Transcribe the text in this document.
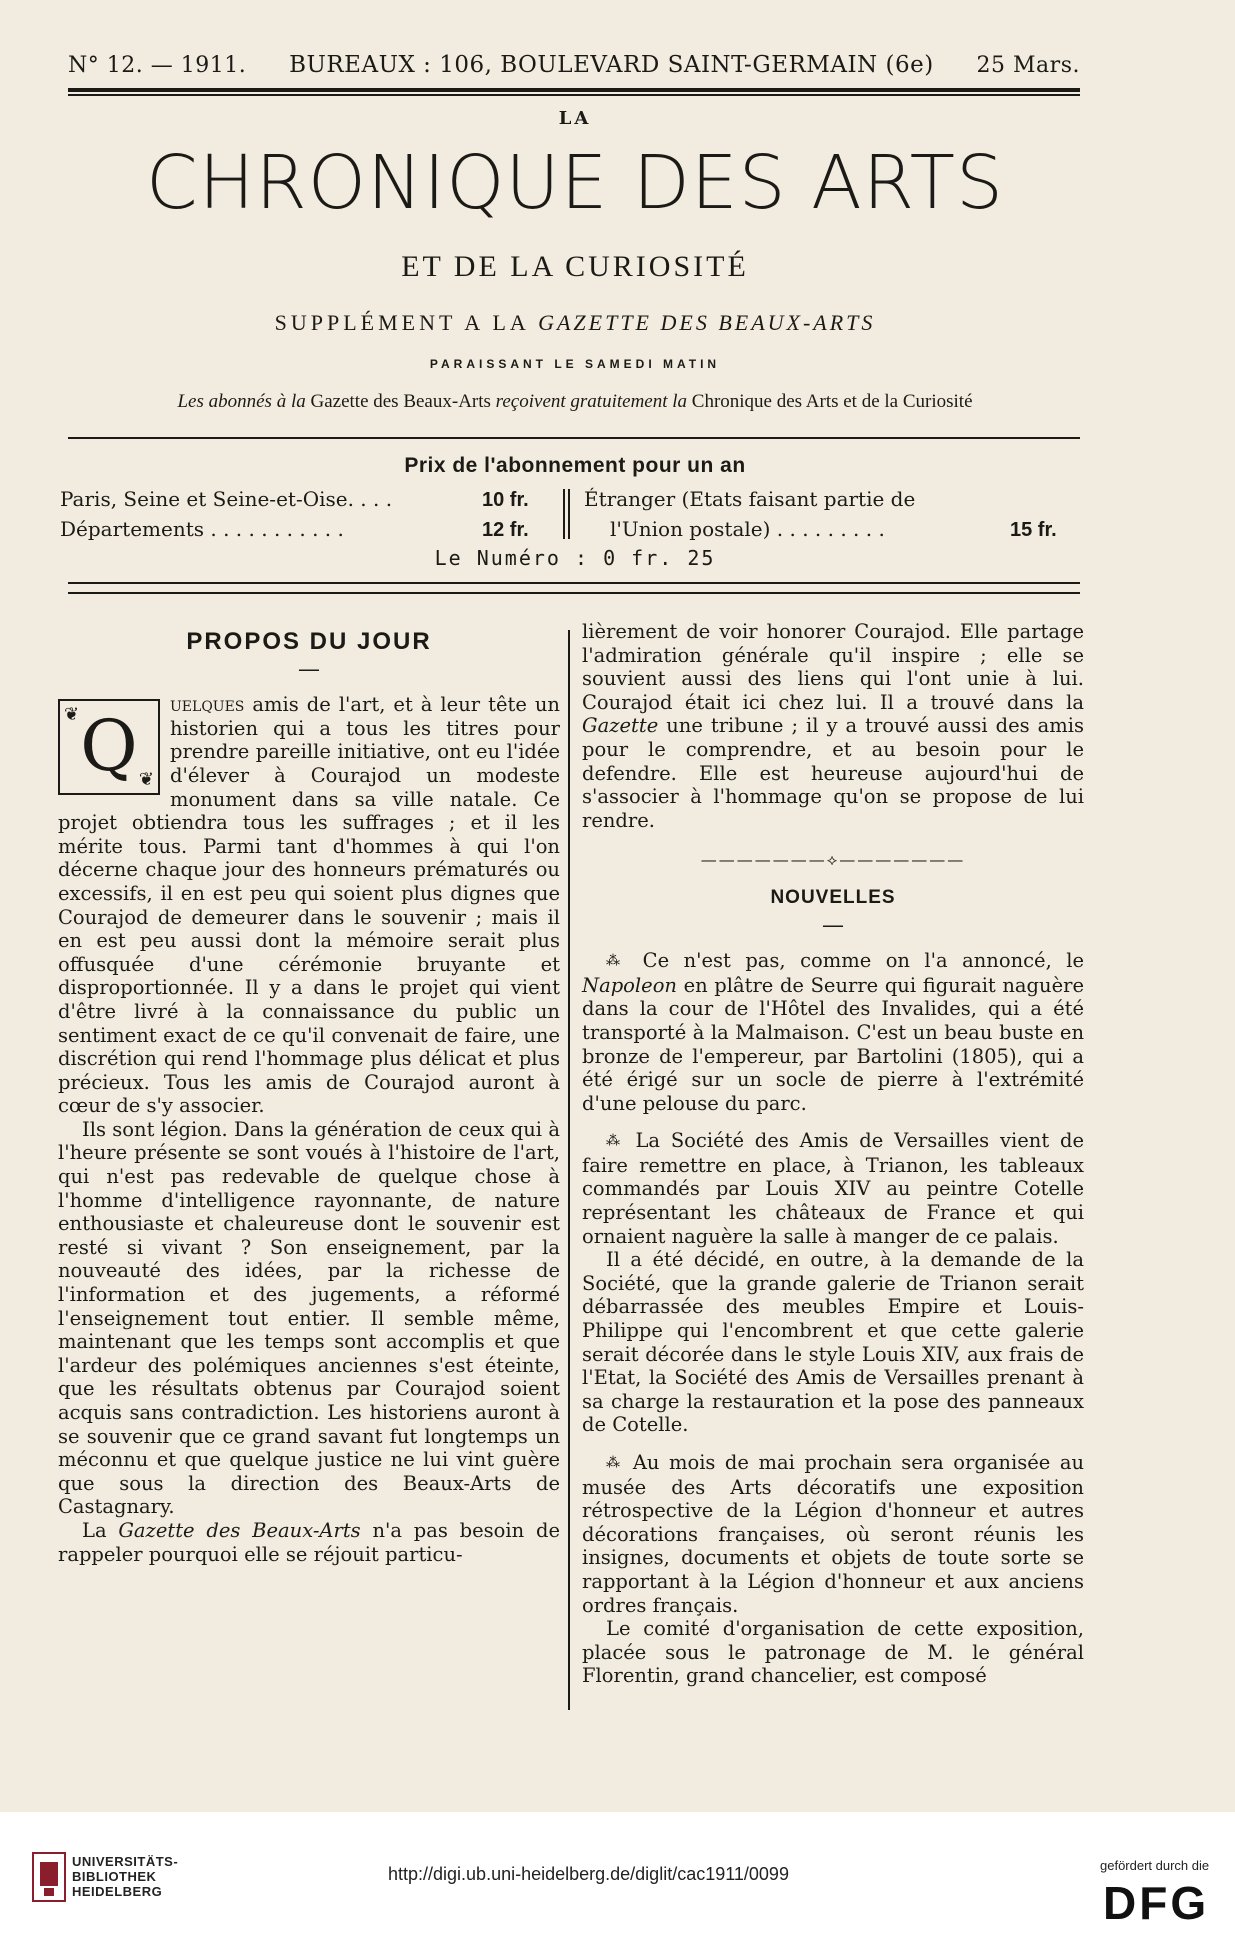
N° 12. — 1911. BUREAUX : 106, BOULEVARD SAINT-GERMAIN (6e) 25 Mars.
LA
CHRONIQUE DES ARTS
ET DE LA CURIOSITÉ
SUPPLÉMENT A LA GAZETTE DES BEAUX-ARTS
PARAISSANT LE SAMEDI MATIN
Les abonnés à la Gazette des Beaux-Arts reçoivent gratuitement la Chronique des Arts et de la Curiosité
Prix de l'abonnement pour un an
Paris, Seine et Seine-et-Oise. . . .	10 fr.
Départements . . . . . . . . . . .	12 fr.
Étranger (Etats faisant partie de
l'Union postale) . . . . . . . . .	15 fr.
Le Numéro : 0 fr. 25
PROPOS DU JOUR
—

❦ Q ❦
uelques amis de l'art, et à leur tête un historien qui a tous les titres pour prendre pareille initiative, ont eu l'idée d'élever à Courajod un modeste monument dans sa ville natale. Ce projet obtiendra tous les suffrages ; et il les mérite tous. Parmi tant d'hommes à qui l'on décerne chaque jour des honneurs prématurés ou excessifs, il en est peu qui soient plus dignes que Courajod de demeurer dans le souvenir ; mais il en est peu aussi dont la mémoire serait plus offusquée d'une cérémonie bruyante et disproportionnée. Il y a dans le projet qui vient d'être livré à la connaissance du public un sentiment exact de ce qu'il convenait de faire, une discrétion qui rend l'hommage plus délicat et plus précieux. Tous les amis de Courajod auront à cœur de s'y associer.

Ils sont légion. Dans la génération de ceux qui à l'heure présente se sont voués à l'histoire de l'art, qui n'est pas redevable de quelque chose à l'homme d'intelligence rayonnante, de nature enthousiaste et chaleureuse dont le souvenir est resté si vivant ? Son enseignement, par la nouveauté des idées, par la richesse de l'information et des jugements, a réformé l'enseignement tout entier. Il semble même, maintenant que les temps sont accomplis et que l'ardeur des polémiques anciennes s'est éteinte, que les résultats obtenus par Courajod soient acquis sans contradiction. Les historiens auront à se souvenir que ce grand savant fut longtemps un méconnu et que quelque justice ne lui vint guère que sous la direction des Beaux-Arts de Castagnary.

La Gazette des Beaux-Arts n'a pas besoin de rappeler pourquoi elle se réjouit particu-

lièrement de voir honorer Courajod. Elle partage l'admiration générale qu'il inspire ; elle se souvient aussi des liens qui l'ont unie à lui. Courajod était ici chez lui. Il a trouvé dans la Gazette une tribune ; il y a trouvé aussi des amis pour le comprendre, et au besoin pour le defendre. Elle est heureuse aujourd'hui de s'associer à l'hommage qu'on se propose de lui rendre.

———————⟡———————
NOUVELLES
—

⁂ Ce n'est pas, comme on l'a annoncé, le Napoleon en plâtre de Seurre qui figurait naguère dans la cour de l'Hôtel des Invalides, qui a été transporté à la Malmaison. C'est un beau buste en bronze de l'empereur, par Bartolini (1805), qui a été érigé sur un socle de pierre à l'extrémité d'une pelouse du parc.

⁂ La Société des Amis de Versailles vient de faire remettre en place, à Trianon, les tableaux commandés par Louis XIV au peintre Cotelle représentant les châteaux de France et qui ornaient naguère la salle à manger de ce palais.

Il a été décidé, en outre, à la demande de la Société, que la grande galerie de Trianon serait débarrassée des meubles Empire et Louis-Philippe qui l'encombrent et que cette galerie serait décorée dans le style Louis XIV, aux frais de l'Etat, la Société des Amis de Versailles prenant à sa charge la restauration et la pose des panneaux de Cotelle.

⁂ Au mois de mai prochain sera organisée au musée des Arts décoratifs une exposition rétrospective de la Légion d'honneur et autres décorations françaises, où seront réunis les insignes, documents et objets de toute sorte se rapportant à la Légion d'honneur et aux anciens ordres français.

Le comité d'organisation de cette exposition, placée sous le patronage de M. le général Florentin, grand chancelier, est composé

UNIVERSITÄTS-
BIBLIOTHEK
HEIDELBERG
http://digi.ub.uni-heidelberg.de/diglit/cac1911/0099	gefördert durch die
DFG
